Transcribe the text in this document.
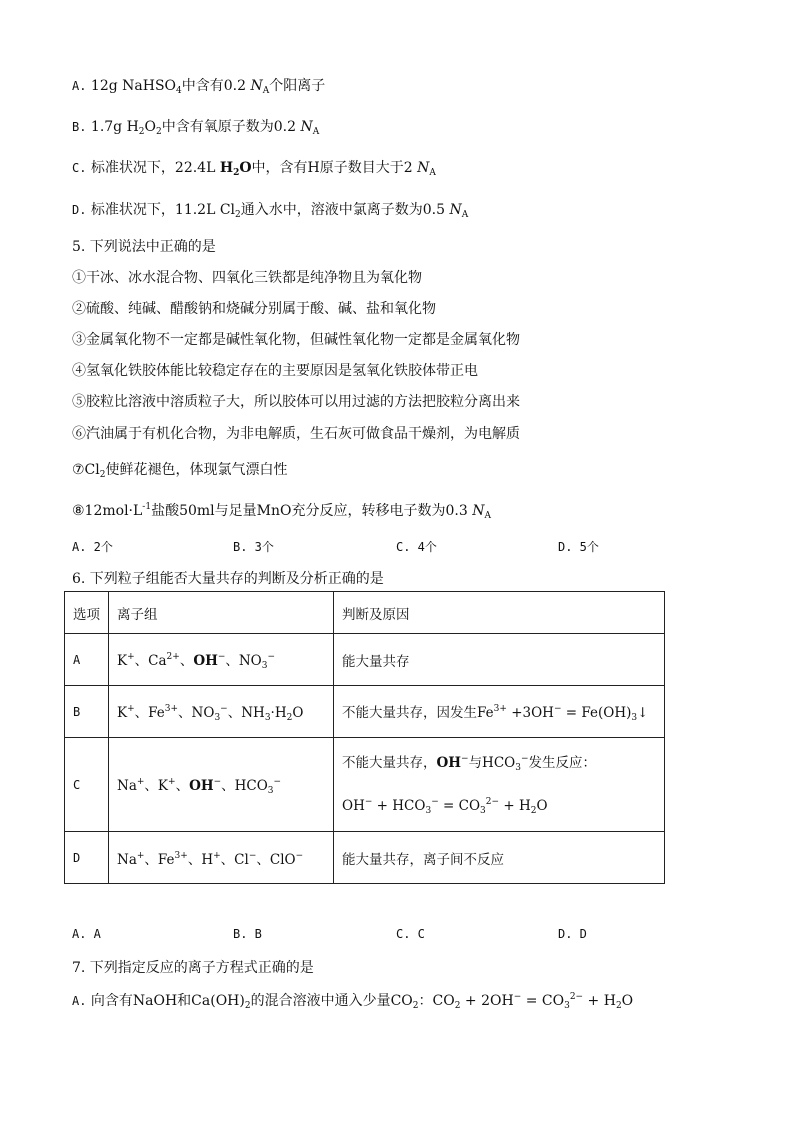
A. 12g NaHSO$_4$中含有0.2 $N_A$个阳离子
B. 1.7g $H_2O_2$中含有氧原子数为0.2 $N_A$
C. 标准状况下，22.4L $H_2O$中，含有H原子数目大于2 $N_A$
D. 标准状况下，11.2L $Cl_2$通入水中，溶液中氯离子数为0.5 $N_A$
5. 下列说法中正确的是
①干冰、冰水混合物、四氧化三铁都是纯净物且为氧化物
②硫酸、纯碱、醋酸钠和烧碱分别属于酸、碱、盐和氧化物
③金属氧化物不一定都是碱性氧化物，但碱性氧化物一定都是金属氧化物
④氢氧化铁胶体能比较稳定存在的主要原因是氢氧化铁胶体带正电
⑤胶粒比溶液中溶质粒子大，所以胶体可以用过滤的方法把胶粒分离出来
⑥汽油属于有机化合物，为非电解质，生石灰可做食品干燥剂，为电解质
$⑦Cl_2$使鲜花褪色，体现氯气漂白性
$⑧12mol\cdot L^{-1}$盐酸50ml与足量MnO充分反应，转移电子数为0.3 $N_A$
A. 2个	B. 3个	C. 4个	D. 5个
6. 下列粒子组能否大量共存的判断及分析正确的是
选项	离子组	判断及原因
A	K+、$Ca^{2+}$、OH−、$NO_3^-$	能大量共存
B	K+、$Fe^{3+}$、$NO_3^-$、$NH_3\cdot H_2O$	不能大量共存，因发生$Fe^{3+} +3OH^-$ = $Fe(OH)_3↓$
C	Na+、K+、OH−、$HCO_3^-$	不能大量共存，OH−与$HCO_3^-$发生反应：
$OH^- + HCO_3^- = CO_3^{2-} + H_2O$

D	Na+、$Fe^{3+}$、H+、Cl−、ClO−	能大量共存，离子间不反应
A. A	B. B	C. C	D. D
7. 下列指定反应的离子方程式正确的是
A. 向含有NaOH和$Ca(OH)_2$的混合溶液中通入少量$CO_2$：$CO_2 + 2OH^- = CO_3^{2-} + H_2O$
